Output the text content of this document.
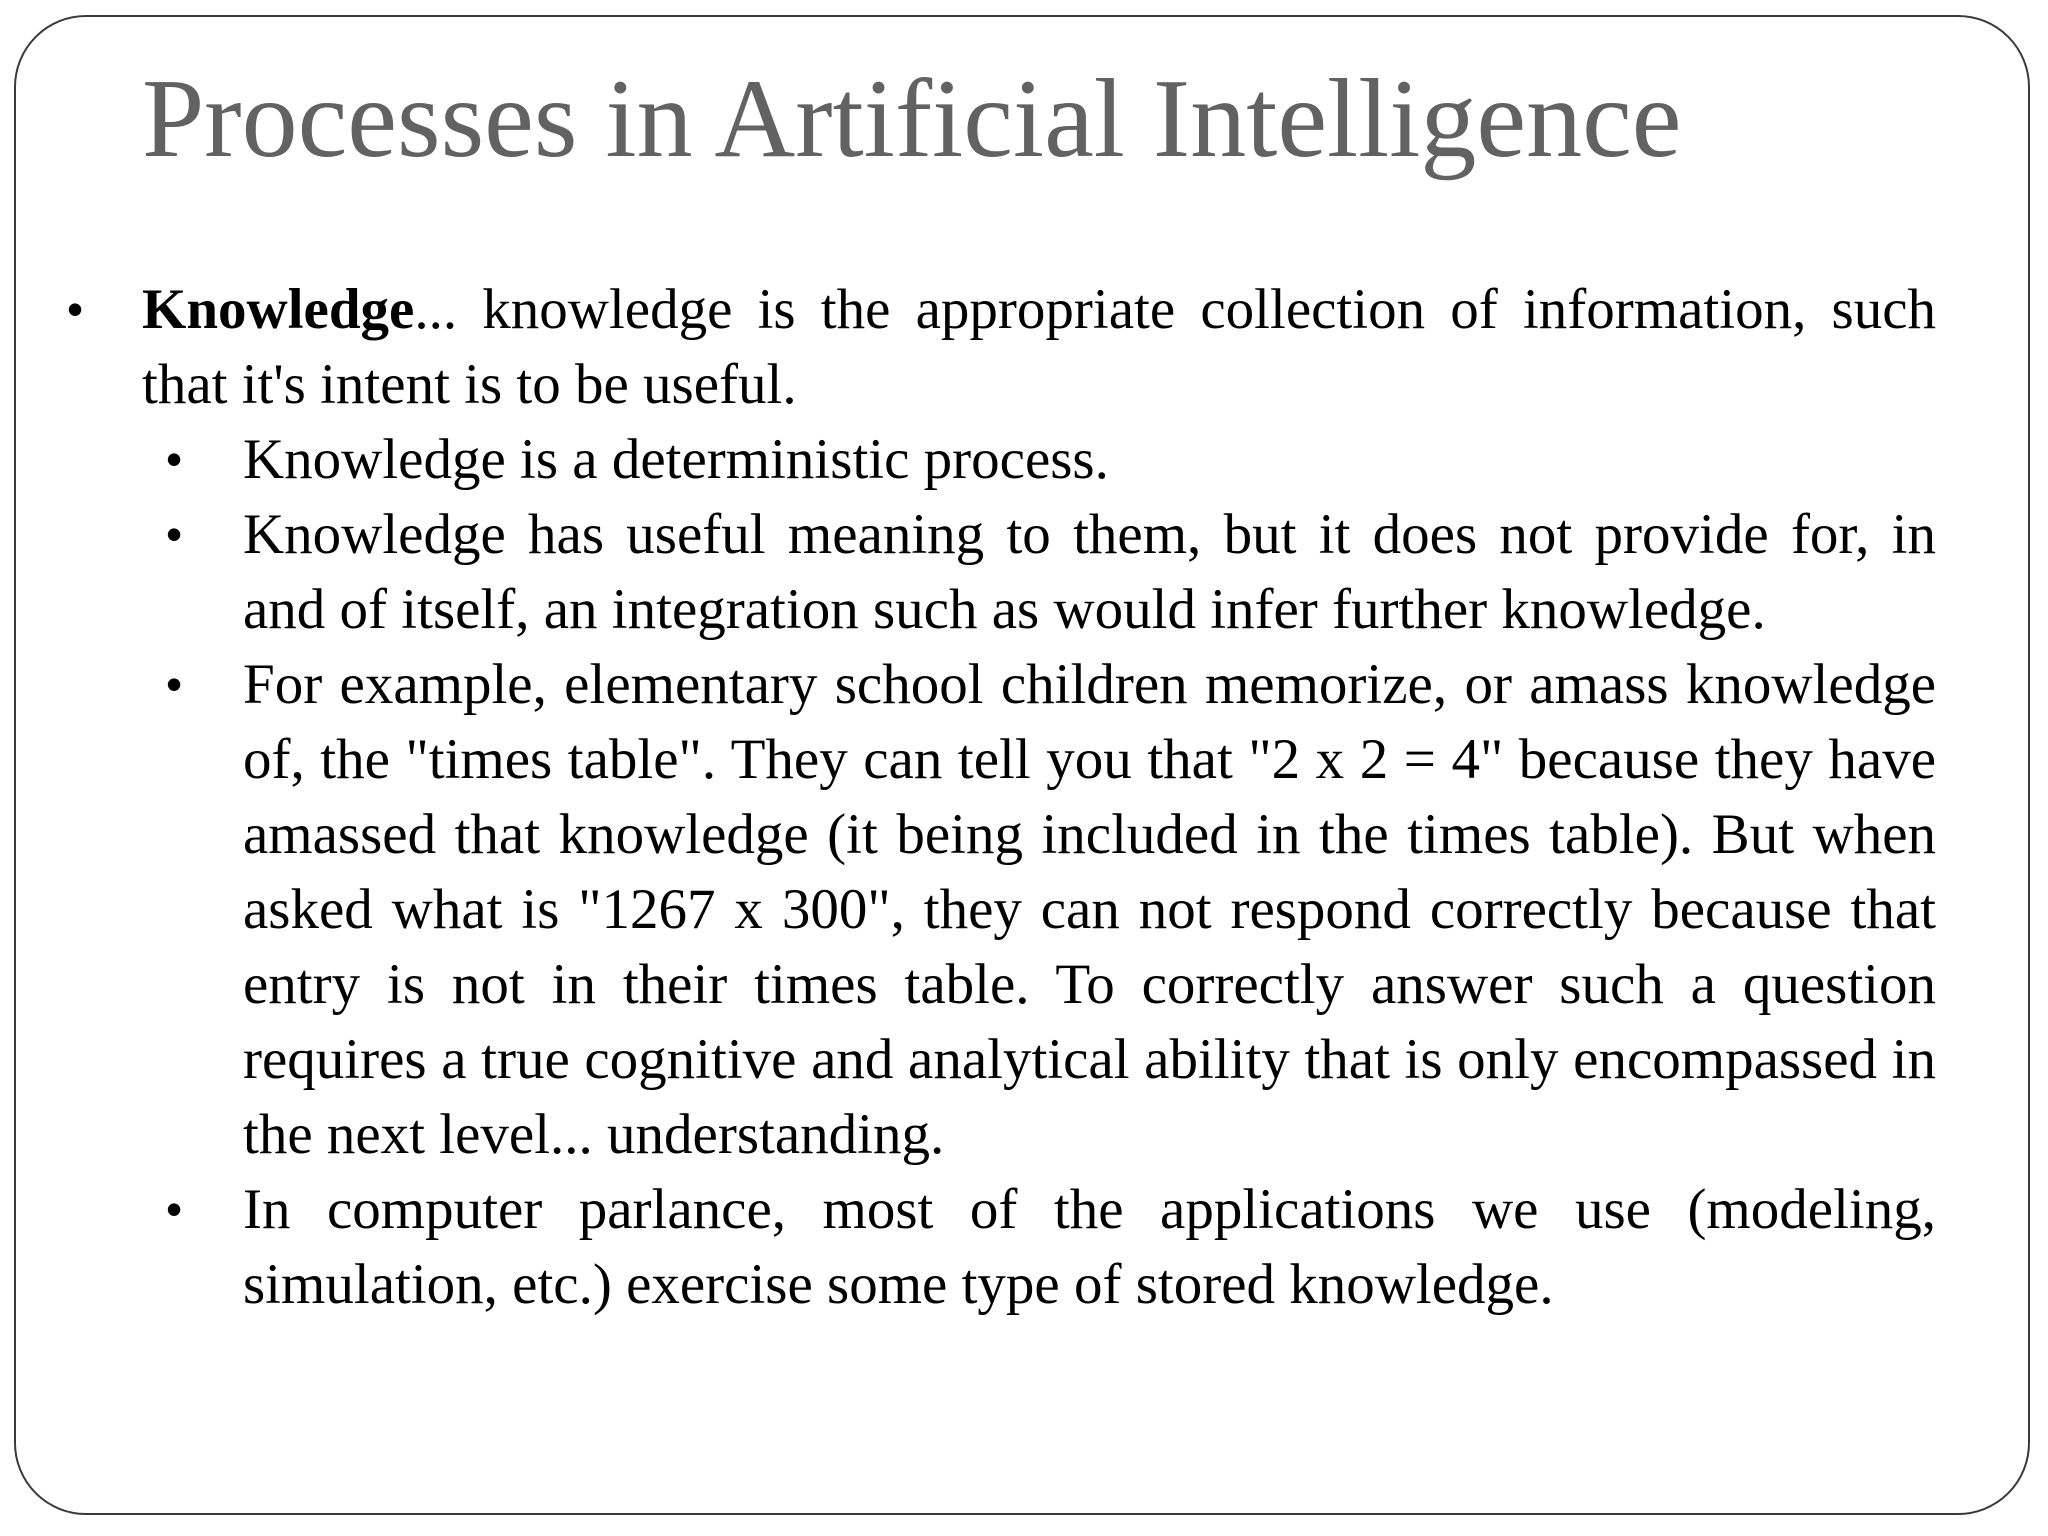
Processes in Artificial Intelligence
• Knowledge... knowledge is the appropriate collection of information, such that it's intent is to be useful.
• Knowledge is a deterministic process.
• Knowledge has useful meaning to them, but it does not provide for, in and of itself, an integration such as would infer further knowledge.
• For example, elementary school children memorize, or amass knowledge of, the "times table". They can tell you that "2 x 2 = 4" because they have amassed that knowledge (it being included in the times table). But when asked what is "1267 x 300", they can not respond correctly because that entry is not in their times table. To correctly answer such a question requires a true cognitive and analytical ability that is only encompassed in the next level... understanding.
• In computer parlance, most of the applications we use (modeling, simulation, etc.) exercise some type of stored knowledge.
